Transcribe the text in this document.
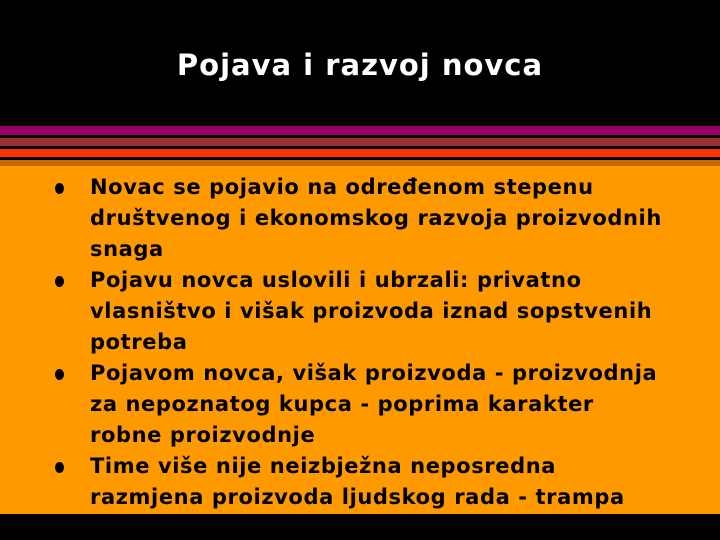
Pojava i razvoj novca
Novac se pojavio na određenom stepenu društvenog i ekonomskog razvoja proizvodnih snaga
Pojavu novca uslovili i ubrzali: privatno vlasništvo i višak proizvoda iznad sopstvenih potreba
Pojavom novca, višak proizvoda - proizvodnja za nepoznatog kupca - poprima karakter robne proizvodnje
Time više nije neizbježna neposredna razmjena proizvoda ljudskog rada - trampa
